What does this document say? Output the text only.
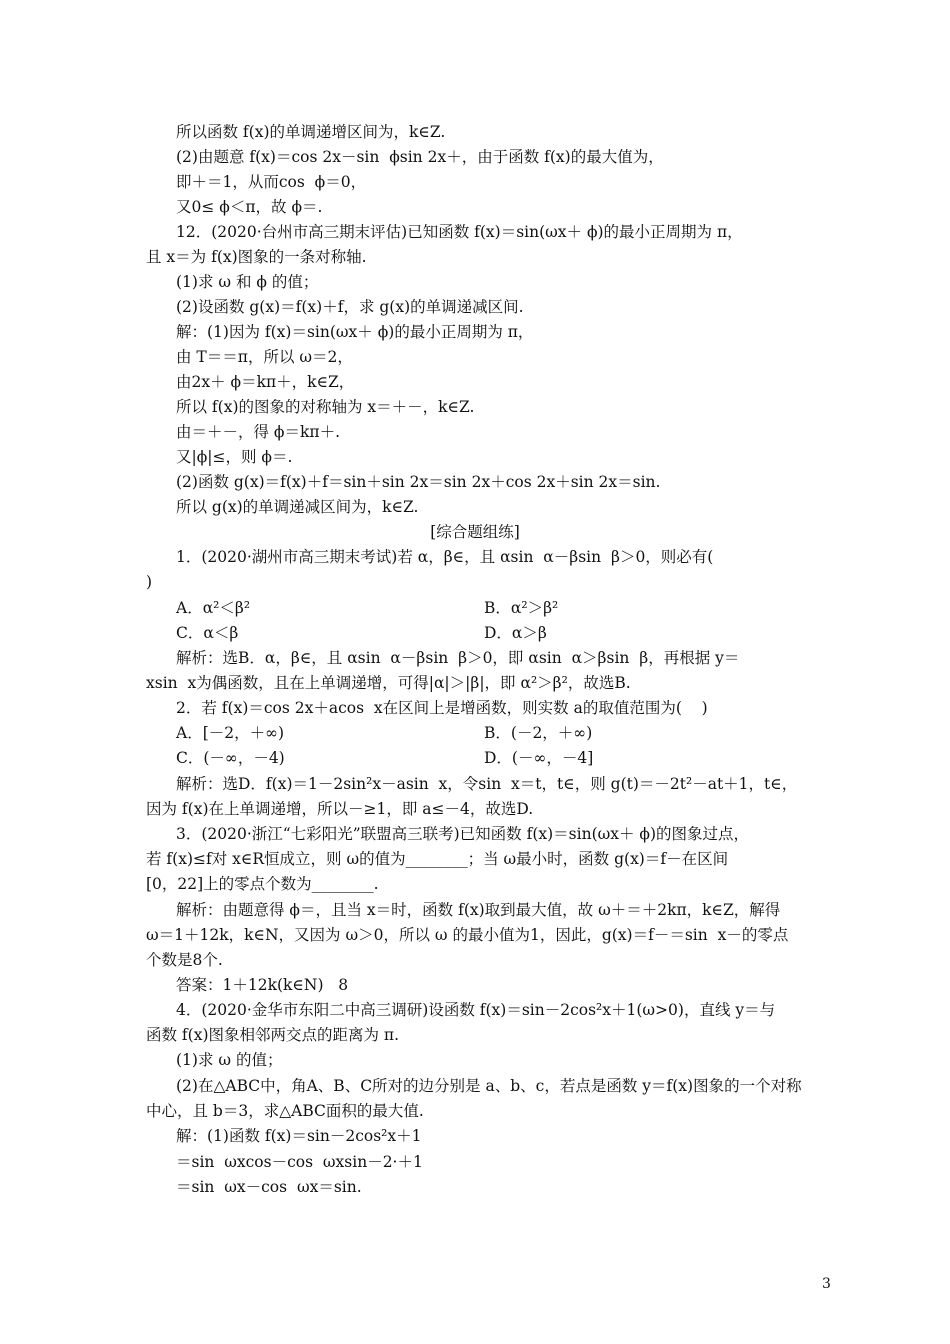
所以函数 f(x)的单调递增区间为，k∈Z.

(2)由题意 f(x)＝cos 2x－sin  ϕsin 2x＋，由于函数 f(x)的最大值为，

即＋＝1，从而cos  ϕ＝0，

又0≤ ϕ＜π，故 ϕ＝.

12．(2020·台州市高三期末评估)已知函数 f(x)＝sin(ωx＋ ϕ)的最小正周期为 π，

且 x＝为 f(x)图象的一条对称轴.

(1)求 ω 和 ϕ 的值；

(2)设函数 g(x)＝f(x)＋f，求 g(x)的单调递减区间.

解：(1)因为 f(x)＝sin(ωx＋ ϕ)的最小正周期为 π，

由 T＝＝π，所以 ω＝2，

由2x＋ ϕ＝kπ＋，k∈Z，

所以 f(x)的图象的对称轴为 x＝＋－，k∈Z.

由＝＋－，得 ϕ＝kπ＋.

又|ϕ|≤，则 ϕ＝.

(2)函数 g(x)＝f(x)＋f＝sin＋sin 2x＝sin 2x＋cos 2x＋sin 2x＝sin.

所以 g(x)的单调递减区间为，k∈Z.

[综合题组练]

1．(2020·湖州市高三期末考试)若 α，β∈，且 αsin  α－βsin  β＞0，则必有(

)

A．α²＜β²	B．α²＞β²
C．α＜β	D．α＞β

解析：选B．α，β∈，且 αsin  α－βsin  β＞0，即 αsin  α＞βsin  β，再根据 y＝

xsin  x为偶函数，且在上单调递增，可得|α|＞|β|，即 α²＞β²，故选B.

2．若 f(x)＝cos 2x＋acos  x在区间上是增函数，则实数 a的取值范围为(    )

A．[－2，＋∞)	B．(－2，＋∞)
C．(－∞，－4)	D．(－∞，－4]

解析：选D．f(x)＝1－2sin²x－asin  x，令sin  x＝t，t∈，则 g(t)＝－2t²－at＋1，t∈，

因为 f(x)在上单调递增，所以－≥1，即 a≤－4，故选D.

3．(2020·浙江“七彩阳光”联盟高三联考)已知函数 f(x)＝sin(ωx＋ ϕ)的图象过点，

若 f(x)≤f对 x∈R恒成立，则 ω的值为________；当 ω最小时，函数 g(x)＝f－在区间

[0，22]上的零点个数为________.

解析：由题意得 ϕ＝，且当 x＝时，函数 f(x)取到最大值，故 ω＋＝＋2kπ，k∈Z，解得

ω＝1＋12k，k∈N，又因为 ω＞0，所以 ω 的最小值为1，因此，g(x)＝f－＝sin  x－的零点

个数是8个.

答案：1＋12k(k∈N)   8

4．(2020·金华市东阳二中高三调研)设函数 f(x)＝sin－2cos²x＋1(ω>0)，直线 y＝与

函数 f(x)图象相邻两交点的距离为 π.

(1)求 ω 的值；

(2)在△ABC中，角A、B、C所对的边分别是 a、b、c，若点是函数 y＝f(x)图象的一个对称

中心，且 b＝3，求△ABC面积的最大值.

解：(1)函数 f(x)＝sin－2cos²x＋1

＝sin  ωxcos－cos  ωxsin－2·＋1

＝sin  ωx－cos  ωx＝sin.

3
